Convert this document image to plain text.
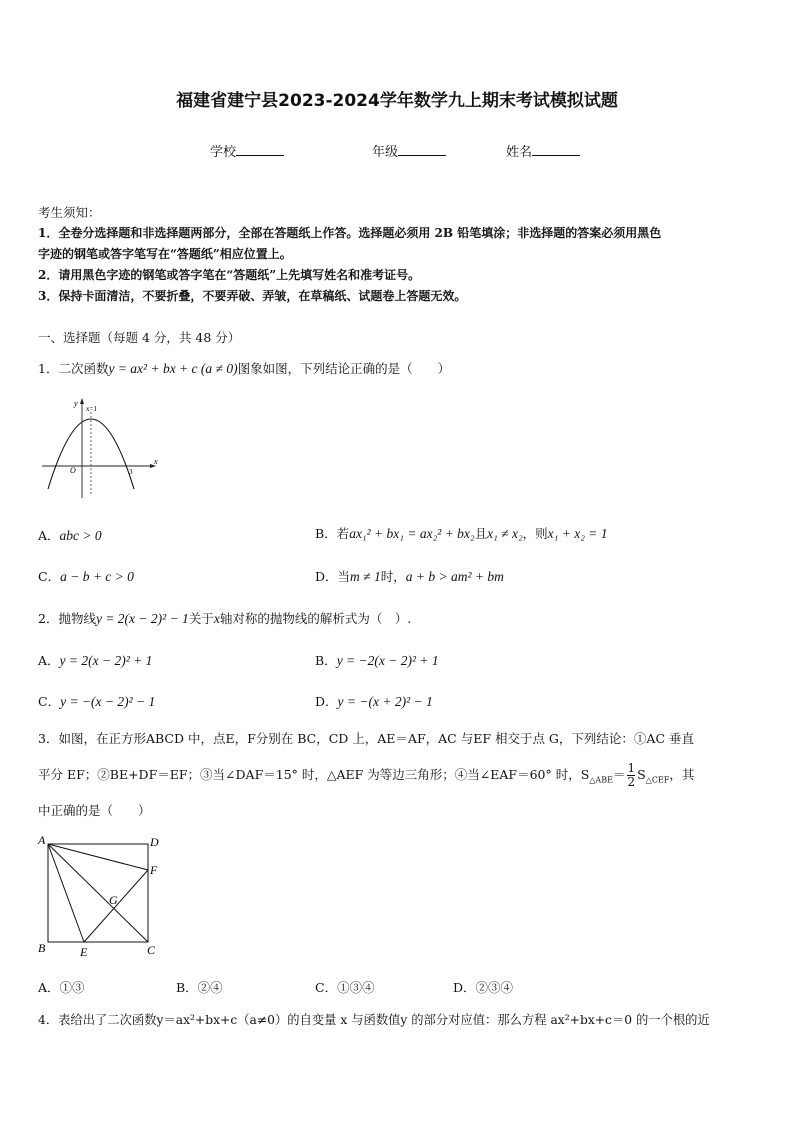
福建省建宁县2023-2024学年数学九上期末考试模拟试题
学校	年级	姓名
考生须知：
1．全卷分选择题和非选择题两部分，全部在答题纸上作答。选择题必须用 2B 铅笔填涂；非选择题的答案必须用黑色
字迹的钢笔或答字笔写在“答题纸”相应位置上。
2．请用黑色字迹的钢笔或答字笔在“答题纸”上先填写姓名和准考证号。
3．保持卡面清洁，不要折叠，不要弄破、弄皱，在草稿纸、试题卷上答题无效。
一、选择题（每题 4 分，共 48 分）
1．二次函数y = ax² + bx + c (a ≠ 0)图象如图，下列结论正确的是（　　）
y
x
x=1
O	3
A．abc > 0	B．若ax₁² + bx₁ = ax₂² + bx₂且x₁ ≠ x₂，则x₁ + x₂ = 1
C．a − b + c > 0	D．当m ≠ 1时，a + b > am² + bm
2．抛物线y = 2(x − 2)² − 1关于x轴对称的抛物线的解析式为（　）.
A．y = 2(x − 2)² + 1	B．y = −2(x − 2)² + 1
C．y = −(x − 2)² − 1	D．y = −(x + 2)² − 1
3．如图，在正方形ABCD 中，点E，F分别在 BC，CD 上，AE＝AF，AC 与EF 相交于点 G，下列结论：①AC 垂直
平分 EF；②BE+DF＝EF；③当∠DAF＝15° 时，△AEF 为等边三角形；④当∠EAF＝60° 时，$S_{\triangle ABE}= \frac{1}{2} S_{\triangle CEF}$，其
中正确的是（　　）
A	D
F
G
B	E	C
A．①③	B．②④	C．①③④	D．②③④
4．表给出了二次函数y＝ax²+bx+c（a≠0）的自变量 x 与函数值y 的部分对应值：那么方程 ax²+bx+c＝0 的一个根的近
